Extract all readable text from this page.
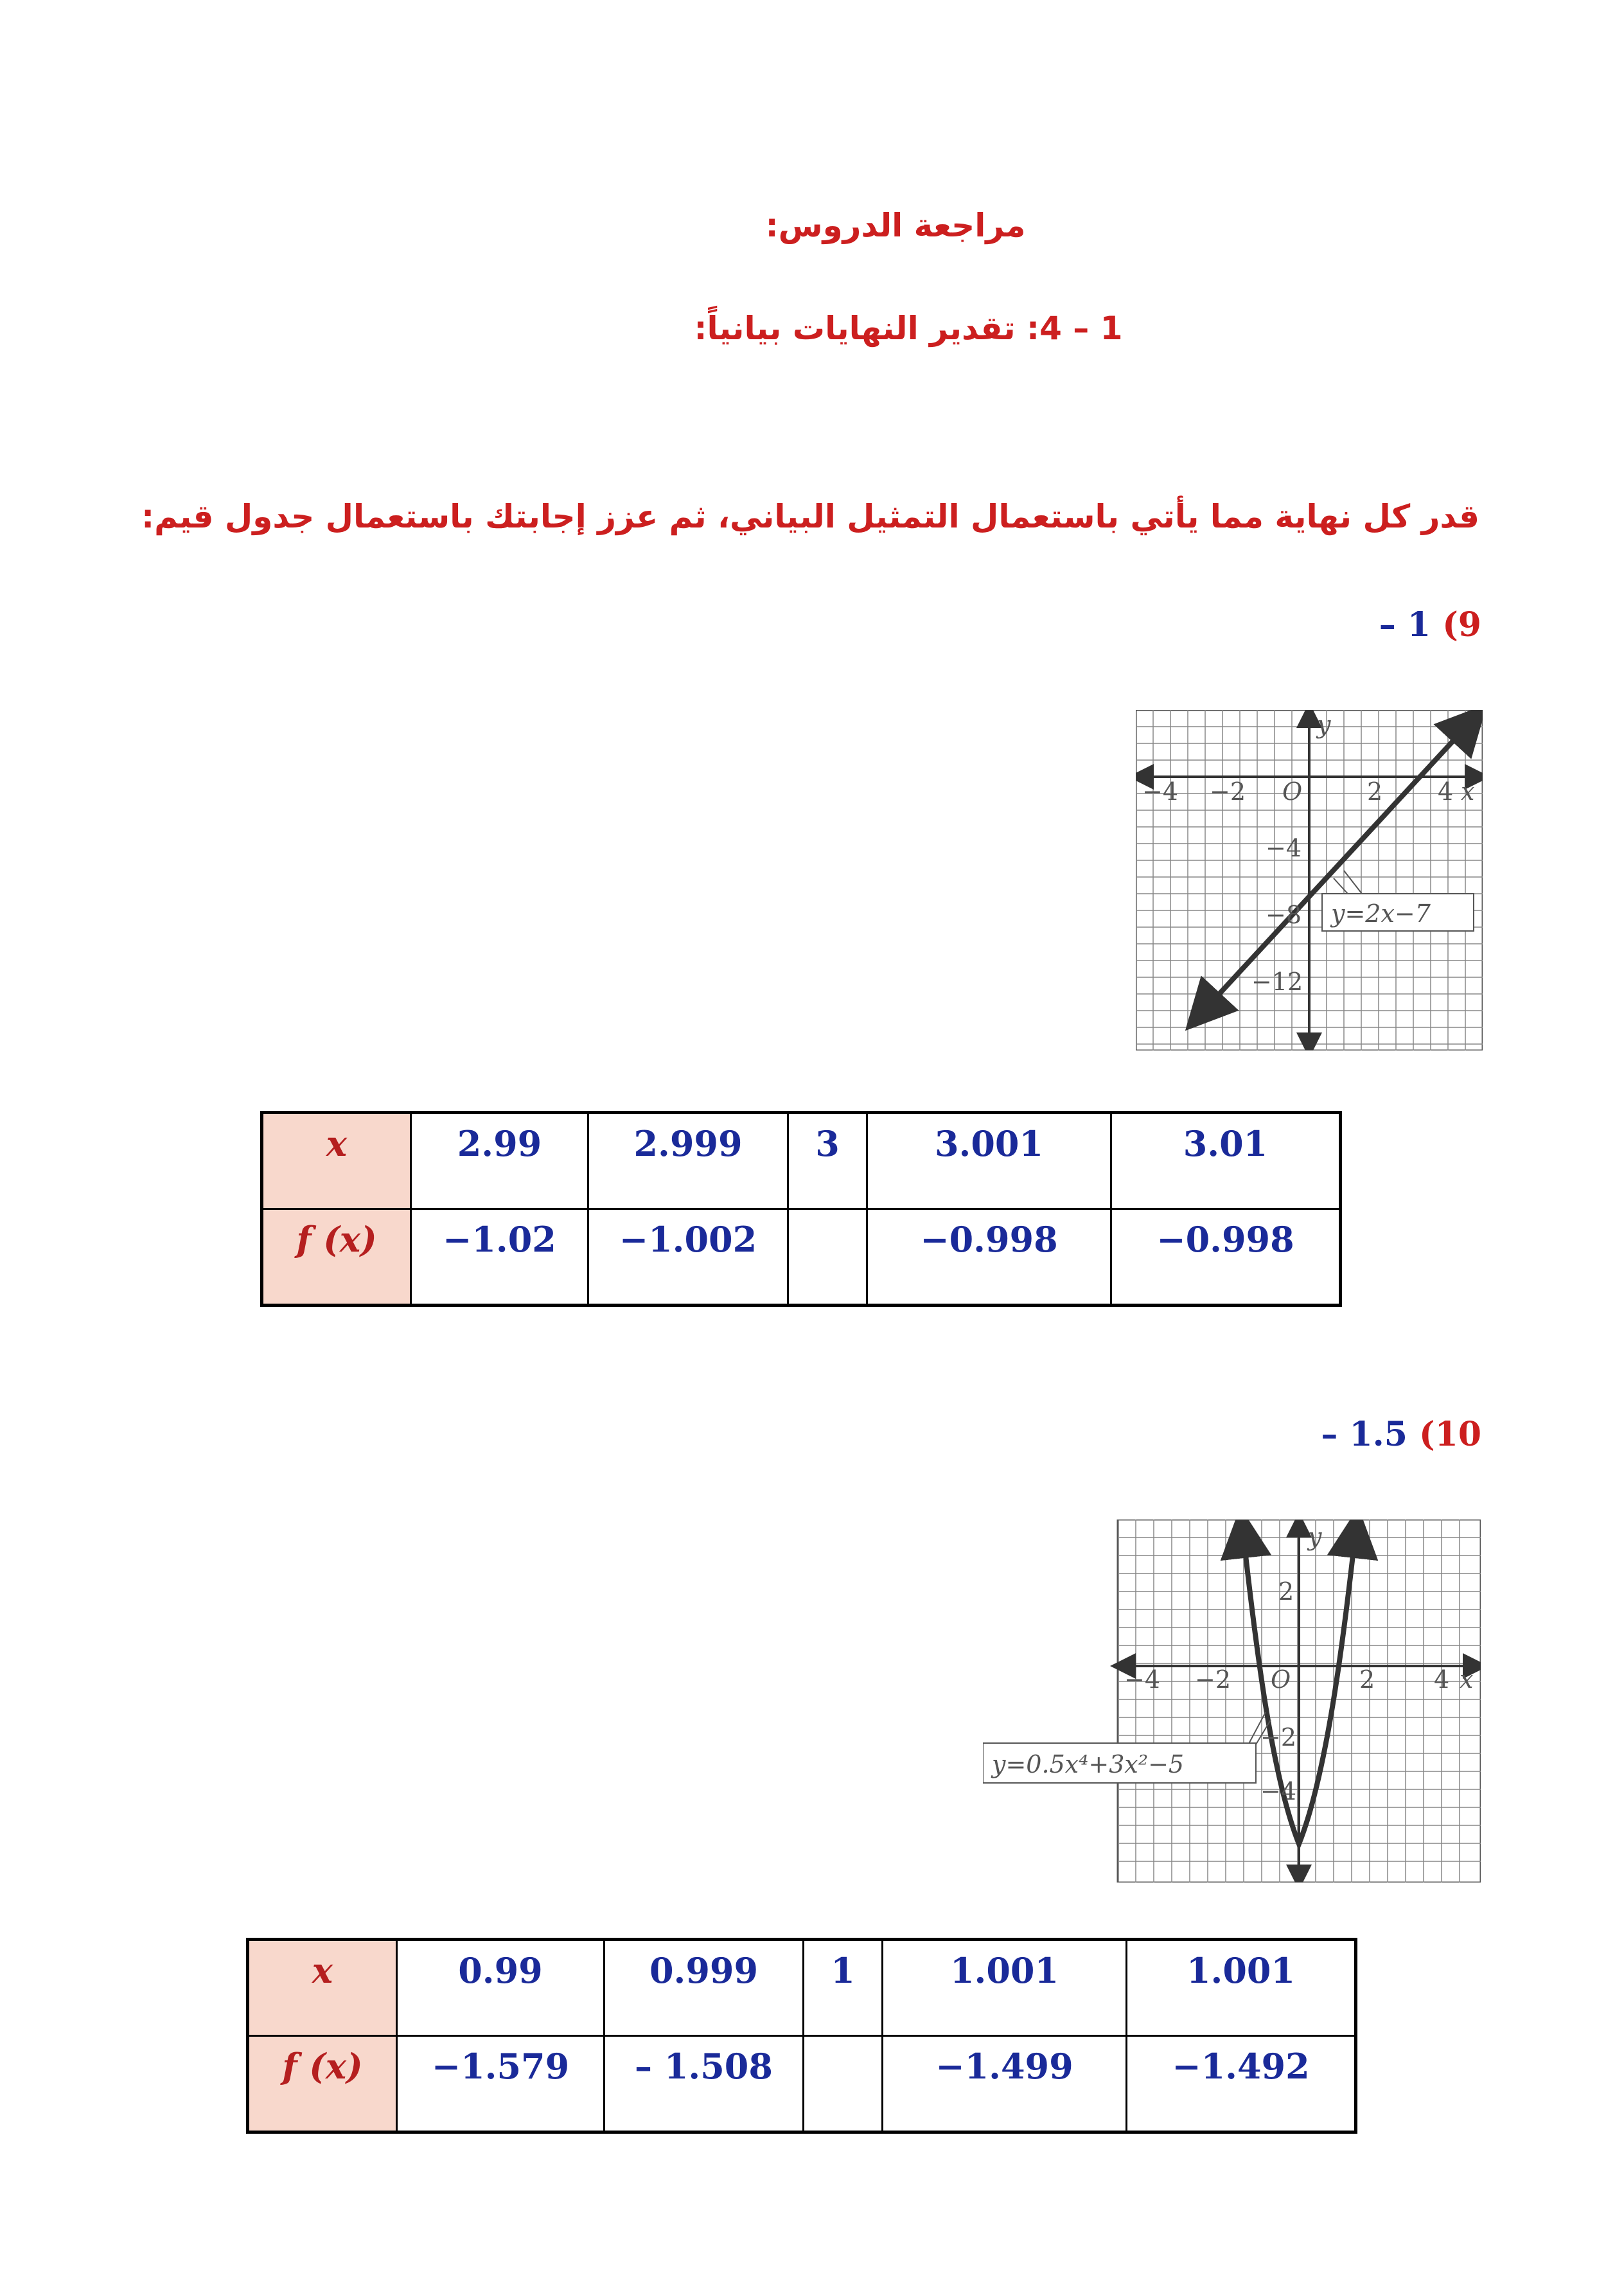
مراجعة الدروس:
1 – 4: تقدير النهايات بيانياً:
قدر كل نهاية مما يأتي باستعمال التمثيل البياني، ثم عزز إجابتك باستعمال جدول قيم:
– 1 (9
−4 −2 O	2 4 x
y
−4
−8
−12
y=2x−7
x	2.99	2.999	3	3.001	3.01
f (x)	−1.02	−1.002		−0.998	−0.998
– 1.5 (10
−4 −2 O	2 4 x
y
2
−2
−4
y=0.5x⁴+3x²−5
x	0.99	0.999	1	1.001	1.001
f (x)	−1.579	– 1.508		−1.499	−1.492
